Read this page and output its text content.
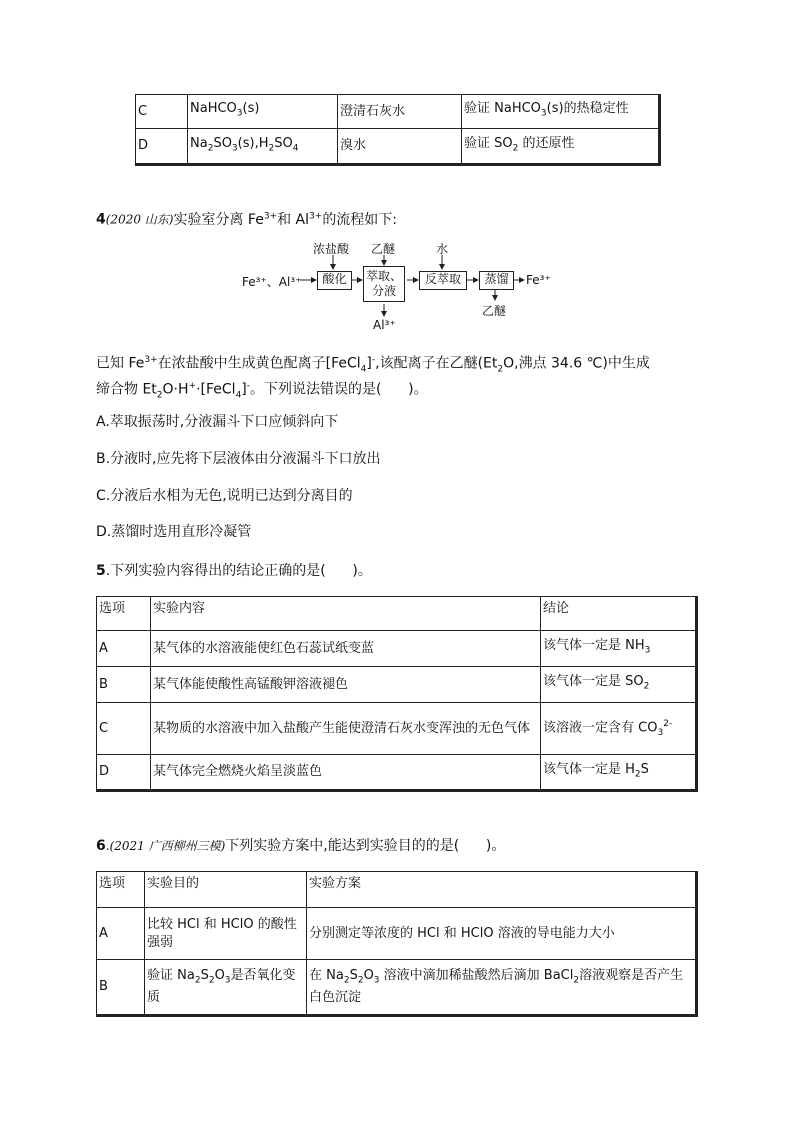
C	NaHCO$_3$(s)	澄清石灰水	验证 NaHCO$_3$(s)的热稳定性
D	$Na_2SO_3(s),H_2SO_4$	溴水	验证 $SO_2$ 的还原性
4(2020 山东)实验室分离 $Fe^{3+}$和 $Al^{3+}$的流程如下:
Fe³⁺、Al³⁺
浓盐酸 乙醚	水
酸化	萃取、
分液
反萃取	蒸馏	Fe³⁺
Al³⁺
乙醚
已知 $Fe^{3+}$在浓盐酸中生成黄色配离子[FeCl$_4$]-,该配离子在乙醚($Et_2O$,沸点 34.6 ℃)中生成
缔合物 $Et_2O\cdot H^+\cdot[FeCl_4]^-$。下列说法错误的是(      )。
A.萃取振荡时,分液漏斗下口应倾斜向下
B.分液时,应先将下层液体由分液漏斗下口放出
C.分液后水相为无色,说明已达到分离目的
D.蒸馏时选用直形冷凝管
5.下列实验内容得出的结论正确的是(      )。
选项	实验内容	结论
A	某气体的水溶液能使红色石蕊试纸变蓝	该气体一定是 $NH_3$
B	某气体能使酸性高锰酸钾溶液褪色	该气体一定是 $SO_2$
C	某物质的水溶液中加入盐酸产生能使澄清石灰水变浑浊的无色气体	该溶液一定含有 $CO_3^{2-}$
D	某气体完全燃烧火焰呈淡蓝色	该气体一定是 $H_2S$
6.(2021 广西柳州三模)下列实验方案中,能达到实验目的的是(      )。
选项	实验目的	实验方案
A	比较 HCl 和 HClO 的酸性强弱	分别测定等浓度的 HCl 和 HClO 溶液的导电能力大小
B	验证 $Na_2S_2O_3$是否氧化变质	在 $Na_2S_2O_3$ 溶液中滴加稀盐酸然后滴加 BaCl$_2$溶液观察是否产生白色沉淀
